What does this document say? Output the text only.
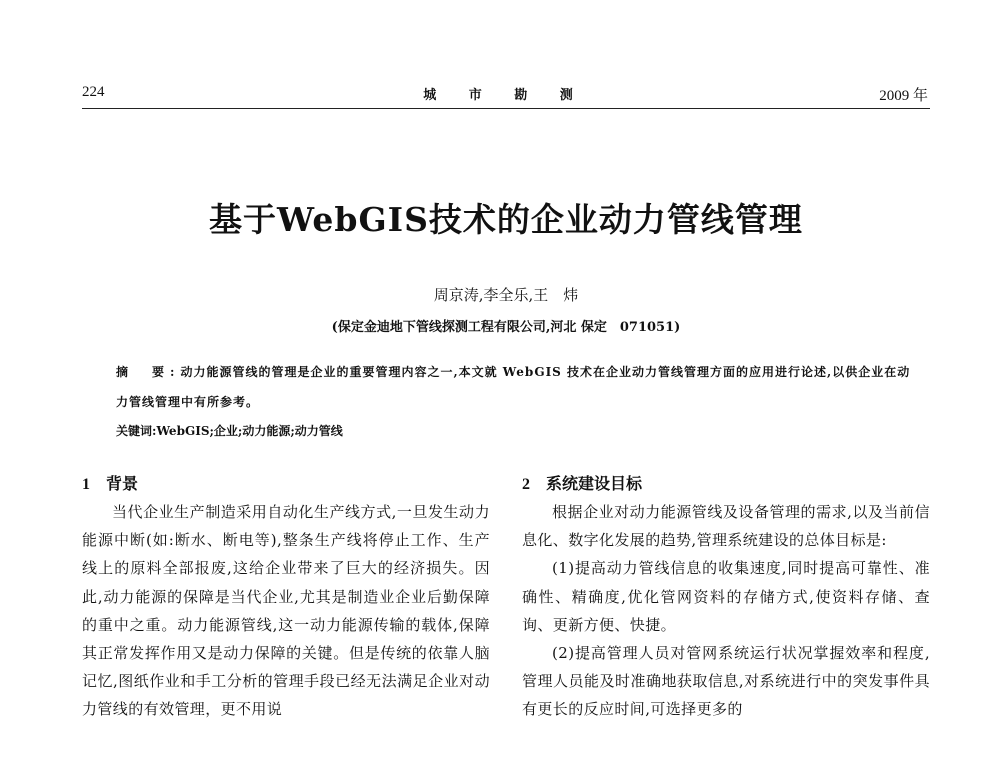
224	城 市 勘 测	2009 年
基于WebGIS技术的企业动力管线管理
周京涛,李全乐,王　炜
(保定金迪地下管线探测工程有限公司,河北 保定　071051)
摘　要:动力能源管线的管理是企业的重要管理内容之一,本文就 WebGIS 技术在企业动力管线管理方面的应用进行论述,以供企业在动力管线管理中有所参考。
关键词:WebGIS;企业;动力能源;动力管线
1 背景

当代企业生产制造采用自动化生产线方式,一旦发生动力能源中断(如:断水、断电等),整条生产线将停止工作、生产线上的原料全部报废,这给企业带来了巨大的经济损失。因此,动力能源的保障是当代企业,尤其是制造业企业后勤保障的重中之重。动力能源管线,这一动力能源传输的载体,保障其正常发挥作用又是动力保障的关键。但是传统的依靠人脑记忆,图纸作业和手工分析的管理手段已经无法满足企业对动力管线的有效管理，更不用说

2 系统建设目标

根据企业对动力能源管线及设备管理的需求,以及当前信息化、数字化发展的趋势,管理系统建设的总体目标是:

(1)提高动力管线信息的收集速度,同时提高可靠性、准确性、精确度,优化管网资料的存储方式,使资料存储、查询、更新方便、快捷。

(2)提高管理人员对管网系统运行状况掌握效率和程度,管理人员能及时准确地获取信息,对系统进行中的突发事件具有更长的反应时间,可选择更多的
